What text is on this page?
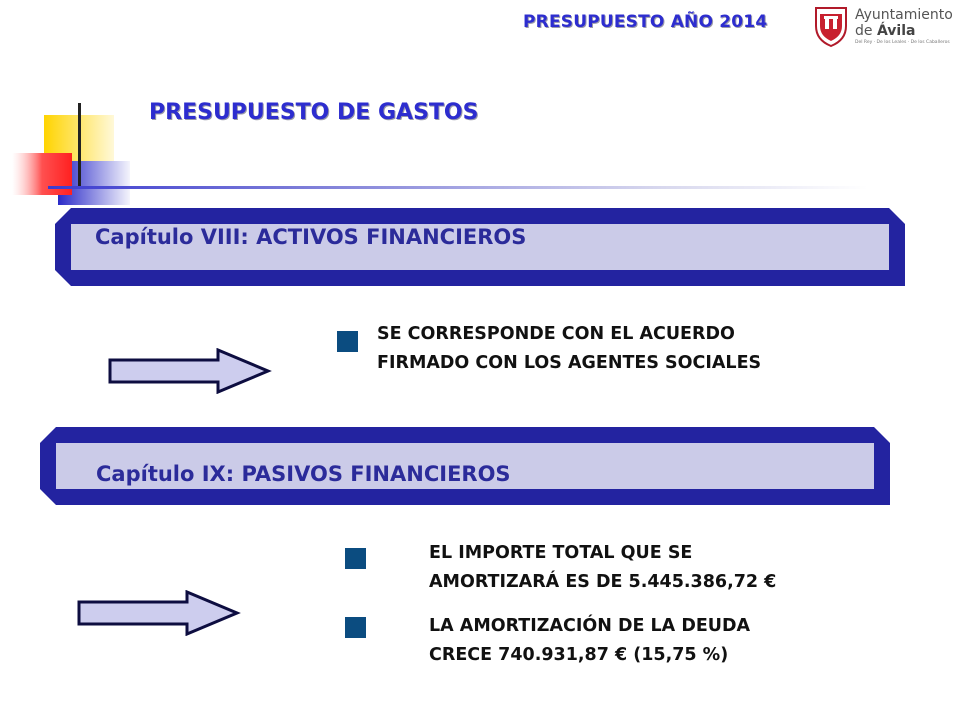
PRESUPUESTO AÑO 2014	Ayuntamiento
de Ávila
Del Rey · De los Leales · De los Caballeros
PRESUPUESTO DE GASTOS
Capítulo VIII: ACTIVOS FINANCIEROS
SE CORRESPONDE CON EL ACUERDO
FIRMADO CON LOS AGENTES SOCIALES
Capítulo IX: PASIVOS FINANCIEROS
EL IMPORTE TOTAL QUE SE
AMORTIZARÁ ES DE 5.445.386,72 €
LA AMORTIZACIÓN DE LA DEUDA
CRECE 740.931,87 € (15,75 %)
